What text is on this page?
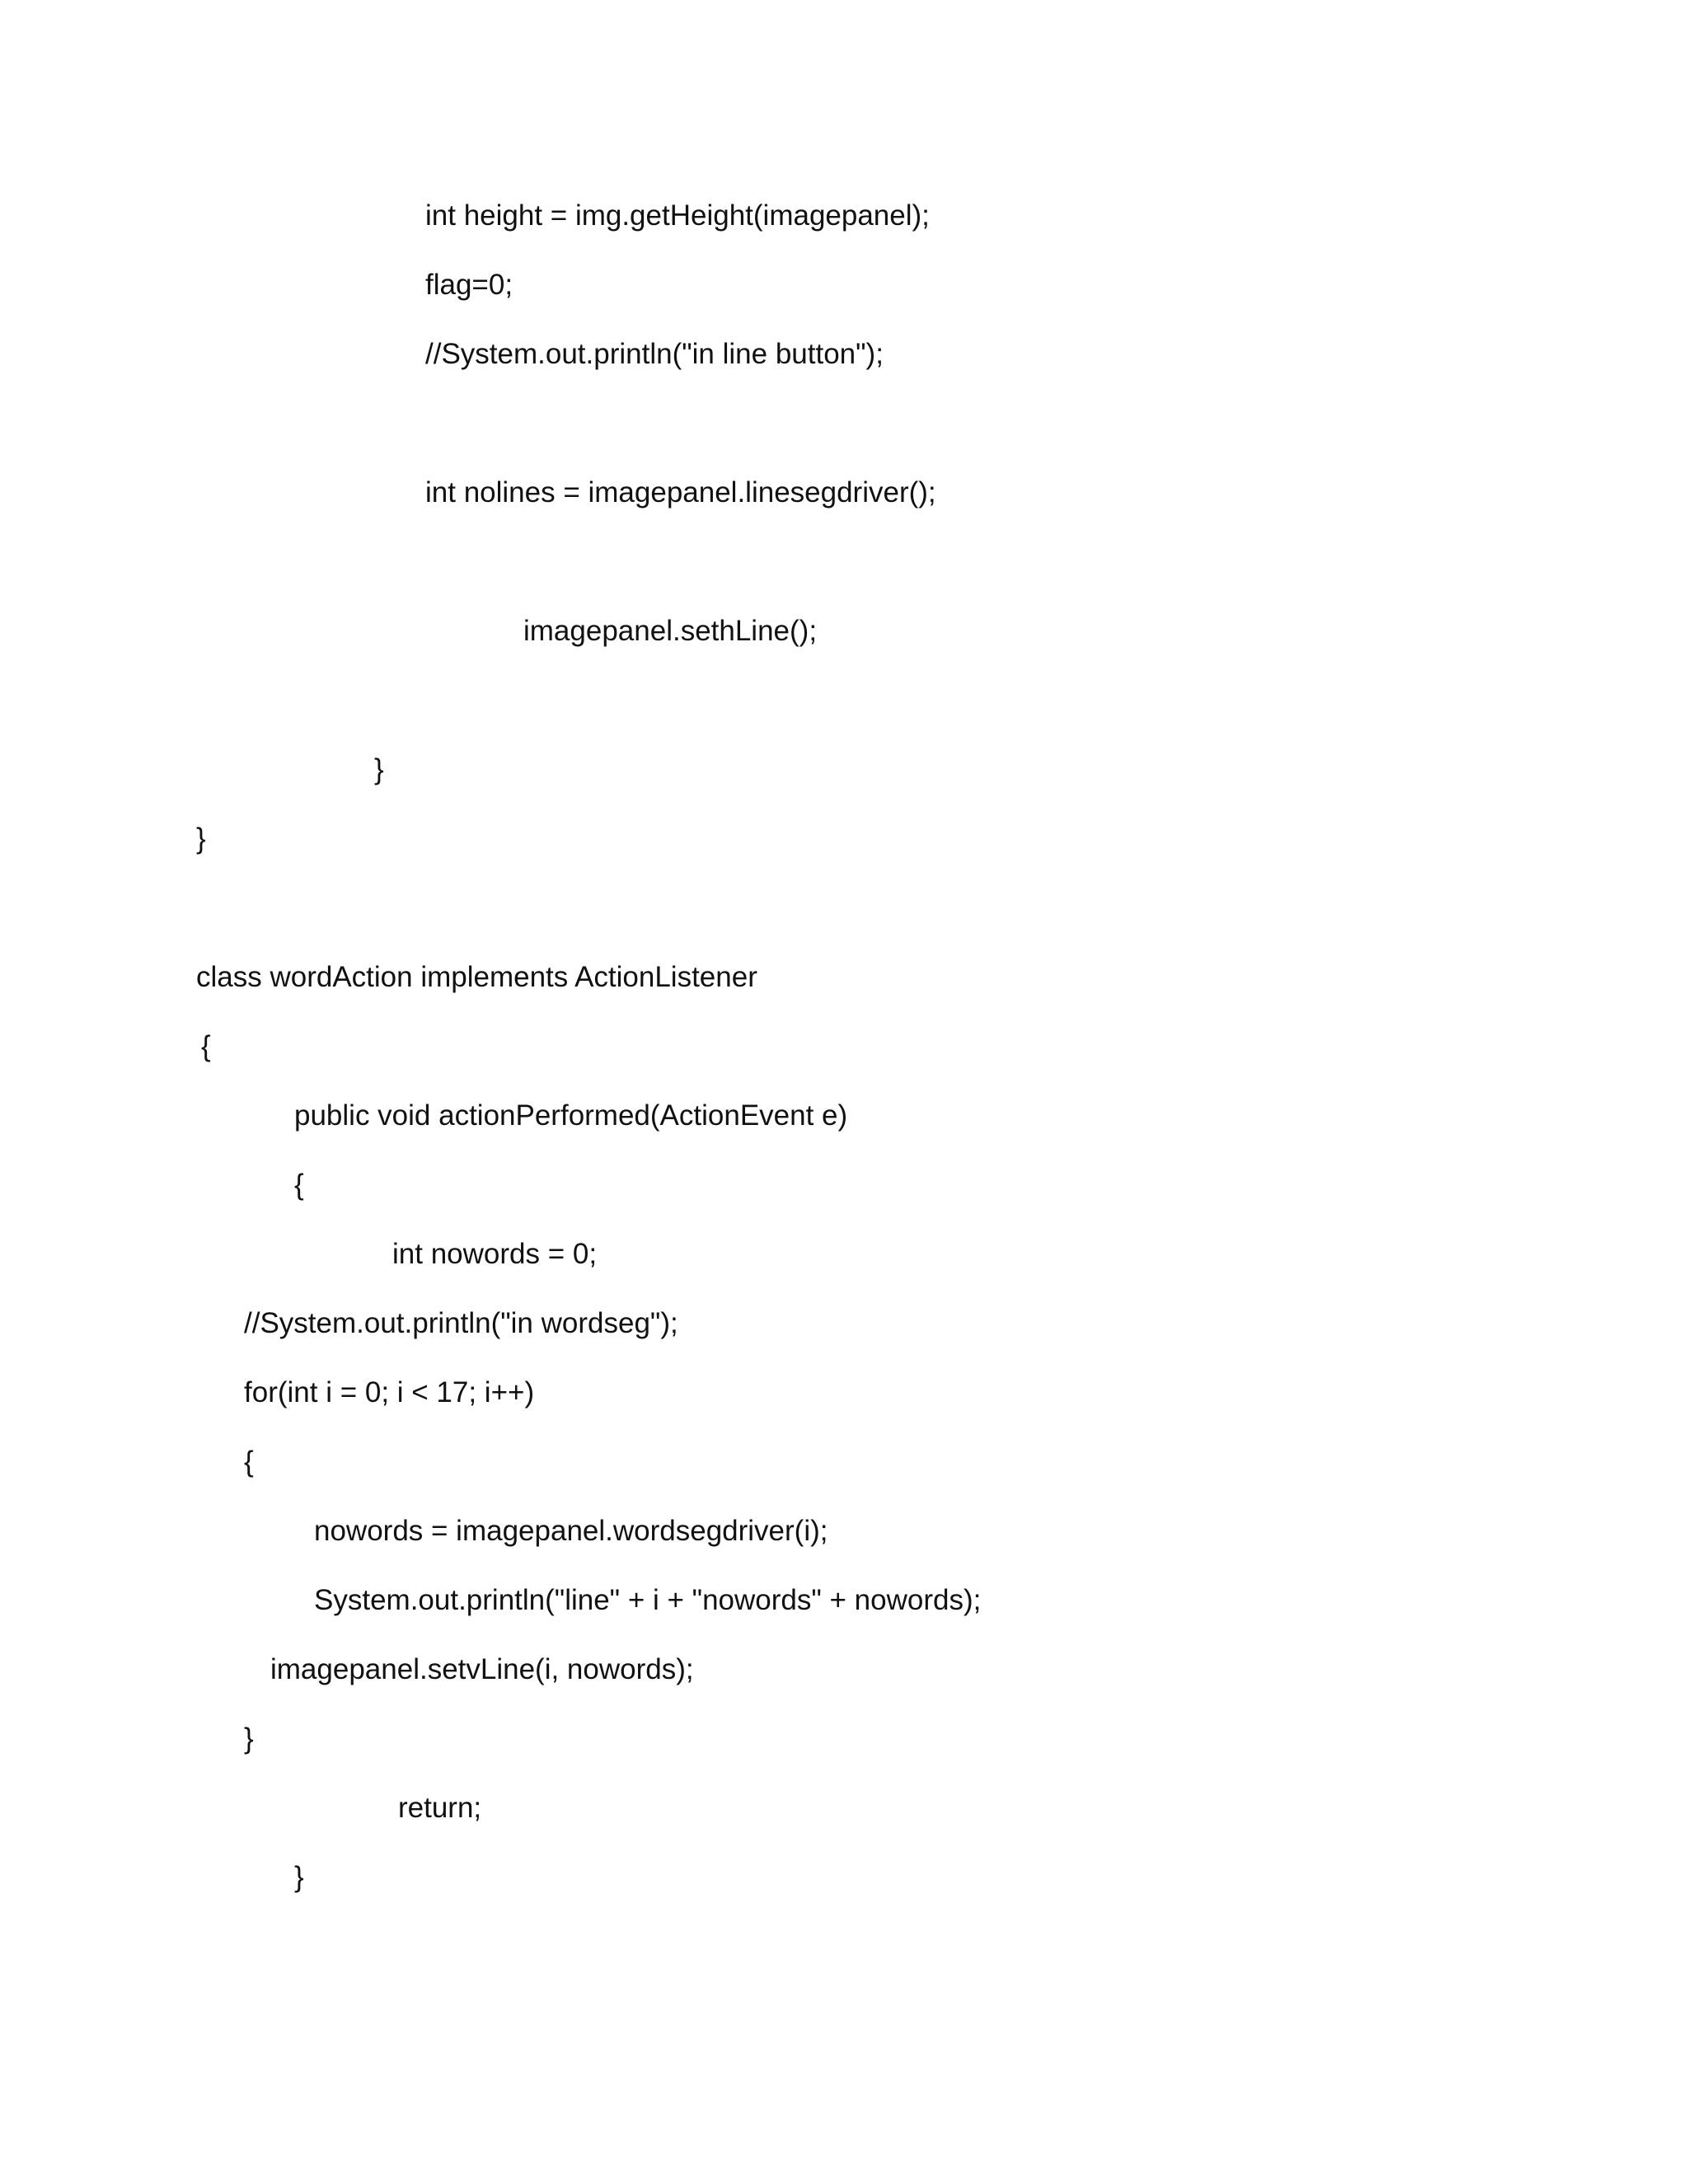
int height = img.getHeight(imagepanel);
flag=0;
//System.out.println("in line button");
int nolines = imagepanel.linesegdriver();
imagepanel.sethLine();
}
}
class wordAction implements ActionListener
{
public void actionPerformed(ActionEvent e)
{
int nowords = 0;
//System.out.println("in wordseg");
for(int i = 0; i < 17; i++)
{
nowords = imagepanel.wordsegdriver(i);
System.out.println("line" + i + "nowords" + nowords);
imagepanel.setvLine(i, nowords);
}
return;
}
